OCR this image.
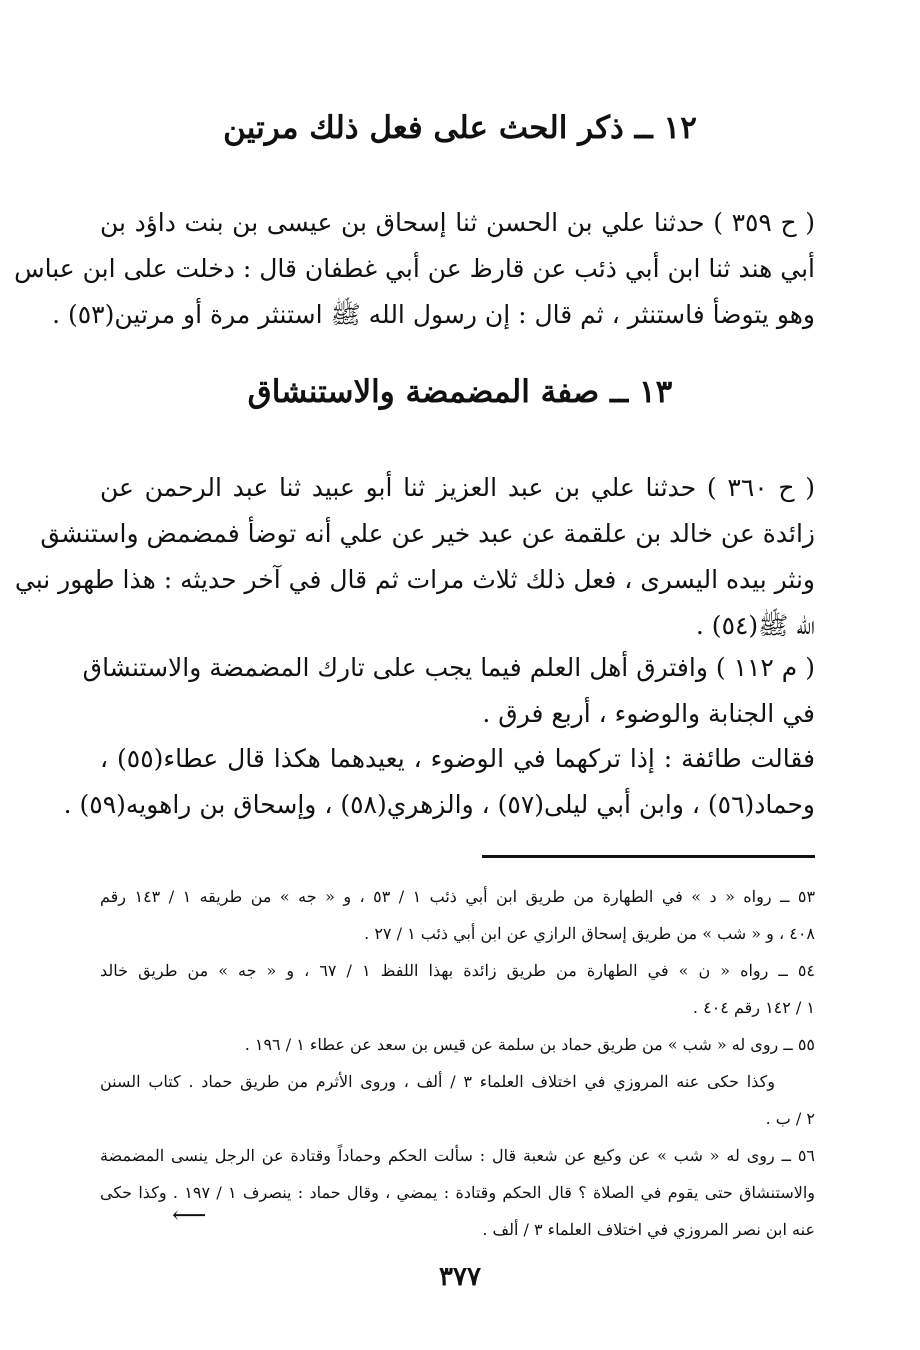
١٢ ــ ذكر الحث على فعل ذلك مرتين
( ح ٣٥٩ ) حدثنا علي بن الحسن ثنا إسحاق بن عيسى بن بنت داؤد بن
أبي هند ثنا ابن أبي ذئب عن قارظ عن أبي غطفان قال : دخلت على ابن عباس
وهو يتوضأ فاستنثر ، ثم قال : إن رسول الله ﷺ استنثر مرة أو مرتين(٥٣) .
١٣ ــ صفة المضمضة والاستنشاق
( ح ٣٦٠ ) حدثنا علي بن عبد العزيز ثنا أبو عبيد ثنا عبد الرحمن عن
زائدة عن خالد بن علقمة عن عبد خير عن علي أنه توضأ فمضمض واستنشق
ونثر بيده اليسرى ، فعل ذلك ثلاث مرات ثم قال في آخر حديثه : هذا طهور نبي
الله ﷺ(٥٤) .
( م ١١٢ ) وافترق أهل العلم فيما يجب على تارك المضمضة والاستنشاق
في الجنابة والوضوء ، أربع فرق .
فقالت طائفة : إذا تركهما في الوضوء ، يعيدهما هكذا قال عطاء(٥٥) ،
وحماد(٥٦) ، وابن أبي ليلى(٥٧) ، والزهري(٥٨) ، وإسحاق بن راهويه(٥٩) .
٥٣ ــ رواه « د » في الطهارة من طريق ابن أبي ذئب ١ / ٥٣ ، و « جه » من طريقه ١ / ١٤٣ رقم
٤٠٨ ، و « شب » من طريق إسحاق الرازي عن ابن أبي ذئب ١ / ٢٧ .
٥٤ ــ رواه « ن » في الطهارة من طريق زائدة بهذا اللفظ ١ / ٦٧ ، و « جه » من طريق خالد
١ / ١٤٢ رقم ٤٠٤ .
٥٥ ــ روى له « شب » من طريق حماد بن سلمة عن قيس بن سعد عن عطاء ١ / ١٩٦ .
وكذا حكى عنه المروزي في اختلاف العلماء ٣ / ألف ، وروى الأثرم من طريق حماد . كتاب السنن
٢ / ب .
٥٦ ــ روى له « شب » عن وكيع عن شعبة قال : سألت الحكم وحماداً وقتادة عن الرجل ينسى المضمضة
والاستنشاق حتى يقوم في الصلاة ؟ قال الحكم وقتادة : يمضي ، وقال حماد : ينصرف ١ / ١٩٧ . وكذا حكى
عنه ابن نصر المروزي في اختلاف العلماء ٣ / ألف .
⟵
٣٧٧
